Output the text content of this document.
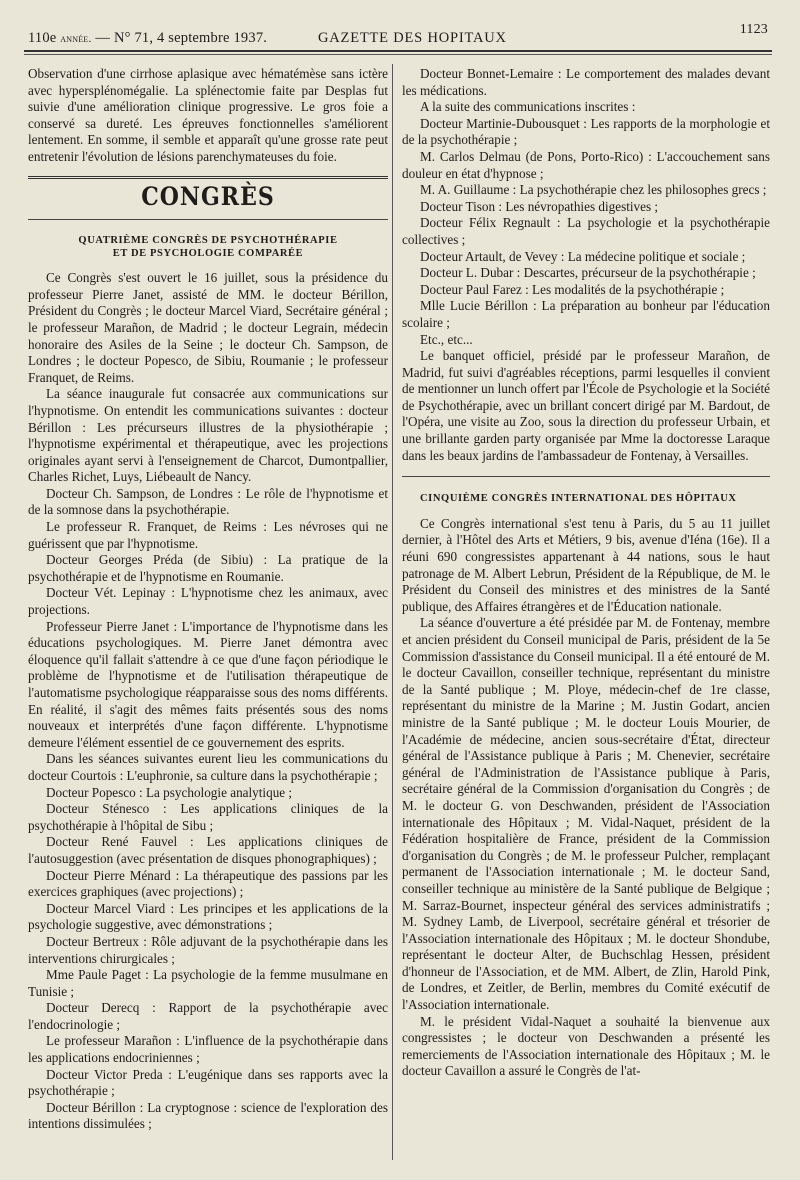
110e année. — N° 71, 4 septembre 1937.	GAZETTE DES HOPITAUX
1123

Observation d'une cirrhose aplasique avec hématémèse sans ictère avec hypersplénomégalie. La splénectomie faite par Desplas fut suivie d'une amélioration clinique progressive. Le gros foie a conservé sa dureté. Les épreuves fonctionnelles s'améliorent lentement. En somme, il semble et apparaît qu'une grosse rate peut entretenir l'évolution de lésions parenchymateuses du foie.

CONGRÈS
QUATRIÈME CONGRÈS DE PSYCHOTHÉRAPIE
ET DE PSYCHOLOGIE COMPARÉE

Ce Congrès s'est ouvert le 16 juillet, sous la présidence du professeur Pierre Janet, assisté de MM. le docteur Bérillon, Président du Congrès ; le docteur Marcel Viard, Secrétaire général ; le professeur Marañon, de Madrid ; le docteur Legrain, médecin honoraire des Asiles de la Seine ; le docteur Ch. Sampson, de Londres ; le docteur Popesco, de Sibiu, Roumanie ; le professeur Franquet, de Reims.

La séance inaugurale fut consacrée aux communications sur l'hypnotisme. On entendit les communications suivantes : docteur Bérillon : Les précurseurs illustres de la physiothérapie ; l'hypnotisme expérimental et thérapeutique, avec les projections originales ayant servi à l'enseignement de Charcot, Dumontpallier, Charles Richet, Luys, Liébeault de Nancy.

Docteur Ch. Sampson, de Londres : Le rôle de l'hypnotisme et de la somnose dans la psychothérapie.

Le professeur R. Franquet, de Reims : Les névroses qui ne guérissent que par l'hypnotisme.

Docteur Georges Préda (de Sibiu) : La pratique de la psychothérapie et de l'hypnotisme en Roumanie.

Docteur Vét. Lepinay : L'hypnotisme chez les animaux, avec projections.

Professeur Pierre Janet : L'importance de l'hypnotisme dans les éducations psychologiques. M. Pierre Janet démontra avec éloquence qu'il fallait s'attendre à ce que d'une façon périodique le problème de l'hypnotisme et de l'utilisation thérapeutique de l'automatisme psychologique réapparaisse sous des noms différents. En réalité, il s'agit des mêmes faits présentés sous des noms nouveaux et interprétés d'une façon différente. L'hypnotisme demeure l'élément essentiel de ce gouvernement des esprits.

Dans les séances suivantes eurent lieu les communications du docteur Courtois : L'euphronie, sa culture dans la psychothérapie ;

Docteur Popesco : La psychologie analytique ;

Docteur Sténesco : Les applications cliniques de la psychothérapie à l'hôpital de Sibu ;

Docteur René Fauvel : Les applications cliniques de l'autosuggestion (avec présentation de disques phonographiques) ;

Docteur Pierre Ménard : La thérapeutique des passions par les exercices graphiques (avec projections) ;

Docteur Marcel Viard : Les principes et les applications de la psychologie suggestive, avec démonstrations ;

Docteur Bertreux : Rôle adjuvant de la psychothérapie dans les interventions chirurgicales ;

Mme Paule Paget : La psychologie de la femme musulmane en Tunisie ;

Docteur Derecq : Rapport de la psychothérapie avec l'endocrinologie ;

Le professeur Marañon : L'influence de la psychothérapie dans les applications endocriniennes ;

Docteur Victor Preda : L'eugénique dans ses rapports avec la psychothérapie ;

Docteur Bérillon : La cryptognose : science de l'exploration des intentions dissimulées ;

Docteur Bonnet-Lemaire : Le comportement des malades devant les médications.

A la suite des communications inscrites :

Docteur Martinie-Dubousquet : Les rapports de la morphologie et de la psychothérapie ;

M. Carlos Delmau (de Pons, Porto-Rico) : L'accouchement sans douleur en état d'hypnose ;

M. A. Guillaume : La psychothérapie chez les philosophes grecs ;

Docteur Tison : Les névropathies digestives ;

Docteur Félix Regnault : La psychologie et la psychothérapie collectives ;

Docteur Artault, de Vevey : La médecine politique et sociale ;

Docteur L. Dubar : Descartes, précurseur de la psychothérapie ;

Docteur Paul Farez : Les modalités de la psychothérapie ;

Mlle Lucie Bérillon : La préparation au bonheur par l'éducation scolaire ;

Etc., etc...

Le banquet officiel, présidé par le professeur Marañon, de Madrid, fut suivi d'agréables réceptions, parmi lesquelles il convient de mentionner un lunch offert par l'École de Psychologie et la Société de Psychothérapie, avec un brillant concert dirigé par M. Bardout, de l'Opéra, une visite au Zoo, sous la direction du professeur Urbain, et une brillante garden party organisée par Mme la doctoresse Laraque dans les beaux jardins de l'ambassadeur de Fontenay, à Versailles.

CINQUIÈME CONGRÈS INTERNATIONAL DES HÔPITAUX

Ce Congrès international s'est tenu à Paris, du 5 au 11 juillet dernier, à l'Hôtel des Arts et Métiers, 9 bis, avenue d'Iéna (16e). Il a réuni 690 congressistes appartenant à 44 nations, sous le haut patronage de M. Albert Lebrun, Président de la République, de M. le Président du Conseil des ministres et des ministres de la Santé publique, des Affaires étrangères et de l'Éducation nationale.

La séance d'ouverture a été présidée par M. de Fontenay, membre et ancien président du Conseil municipal de Paris, président de la 5e Commission d'assistance du Conseil municipal. Il a été entouré de M. le docteur Cavaillon, conseiller technique, représentant du ministre de la Santé publique ; M. Ploye, médecin-chef de 1re classe, représentant du ministre de la Marine ; M. Justin Godart, ancien ministre de la Santé publique ; M. le docteur Louis Mourier, de l'Académie de médecine, ancien sous-secrétaire d'État, directeur général de l'Assistance publique à Paris ; M. Chenevier, secrétaire général de l'Administration de l'Assistance publique à Paris, secrétaire général de la Commission d'organisation du Congrès ; de M. le docteur G. von Deschwanden, président de l'Association internationale des Hôpitaux ; M. Vidal-Naquet, président de la Fédération hospitalière de France, président de la Commission d'organisation du Congrès ; de M. le professeur Pulcher, remplaçant permanent de l'Association internationale ; M. le docteur Sand, conseiller technique au ministère de la Santé publique de Belgique ; M. Sarraz-Bournet, inspecteur général des services administratifs ; M. Sydney Lamb, de Liverpool, secrétaire général et trésorier de l'Association internationale des Hôpitaux ; M. le docteur Shondube, représentant le docteur Alter, de Buchschlag Hessen, président d'honneur de l'Association, et de MM. Albert, de Zlin, Harold Pink, de Londres, et Zeitler, de Berlin, membres du Comité exécutif de l'Association internationale.

M. le président Vidal-Naquet a souhaité la bienvenue aux congressistes ; le docteur von Deschwanden a présenté les remerciements de l'Association internationale des Hôpitaux ; M. le docteur Cavaillon a assuré le Congrès de l'at-
